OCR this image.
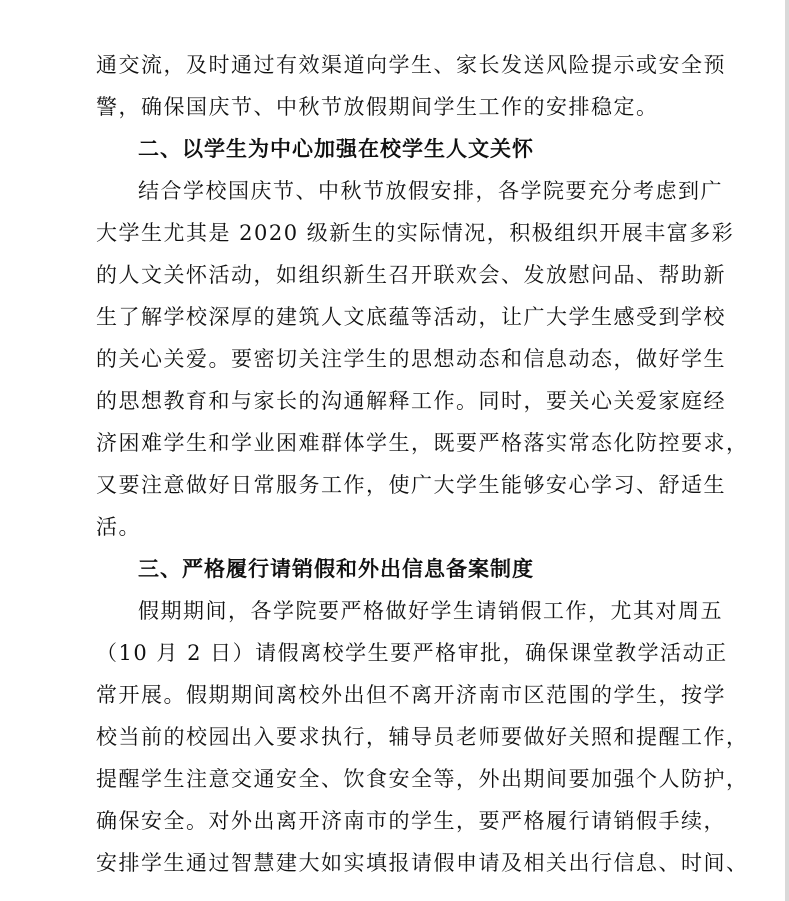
通交流，及时通过有效渠道向学生、家长发送风险提示或安全预
警，确保国庆节、中秋节放假期间学生工作的安排稳定。
二、以学生为中心加强在校学生人文关怀
结合学校国庆节、中秋节放假安排，各学院要充分考虑到广
大学生尤其是 2020 级新生的实际情况，积极组织开展丰富多彩
的人文关怀活动，如组织新生召开联欢会、发放慰问品、帮助新
生了解学校深厚的建筑人文底蕴等活动，让广大学生感受到学校
的关心关爱。要密切关注学生的思想动态和信息动态，做好学生
的思想教育和与家长的沟通解释工作。同时，要关心关爱家庭经
济困难学生和学业困难群体学生，既要严格落实常态化防控要求，
又要注意做好日常服务工作，使广大学生能够安心学习、舒适生
活。
三、严格履行请销假和外出信息备案制度
假期期间，各学院要严格做好学生请销假工作，尤其对周五
（10 月 2 日）请假离校学生要严格审批，确保课堂教学活动正
常开展。假期期间离校外出但不离开济南市区范围的学生，按学
校当前的校园出入要求执行，辅导员老师要做好关照和提醒工作，
提醒学生注意交通安全、饮食安全等，外出期间要加强个人防护，
确保安全。对外出离开济南市的学生，要严格履行请销假手续，
安排学生通过智慧建大如实填报请假申请及相关出行信息、时间、
